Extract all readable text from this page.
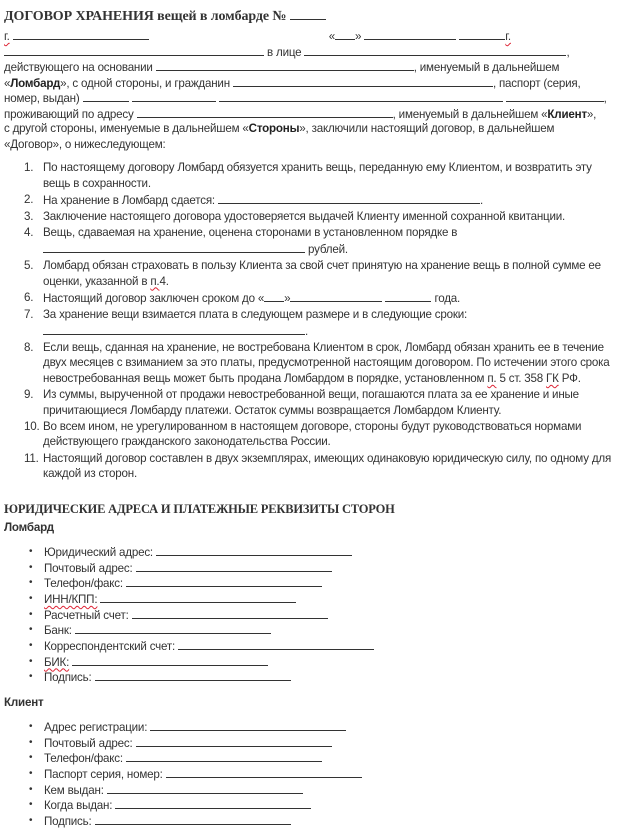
ДОГОВОР ХРАНЕНИЯ вещей в ломбарде №
г.	« »	г.
в лице	,
действующего на основании	, именуемый в дальнейшем
«Ломбард», с одной стороны, и гражданин	, паспорт (серия,
номер, выдан)	,
проживающий по адресу	, именуемый в дальнейшем «Клиент»,
с другой стороны, именуемые в дальнейшем «Стороны», заключили настоящий договор, в дальнейшем
«Договор», о нижеследующем:
1. По настоящему договору Ломбард обязуется хранить вещь, переданную ему Клиентом, и возвратить эту вещь в сохранности.
2. На хранение в Ломбард сдается:	.
3. Заключение настоящего договора удостоверяется выдачей Клиенту именной сохранной квитанции.
4. Вещь, сдаваемая на хранение, оценена сторонами в установленном порядке в
рублей.
5. Ломбард обязан страховать в пользу Клиента за свой счет принятую на хранение вещь в полной сумме ее оценки, указанной в п.4.
6. Настоящий договор заключен сроком до « »	года.
7. За хранение вещи взимается плата в следующем размере и в следующие сроки:
.
8. Если вещь, сданная на хранение, не востребована Клиентом в срок, Ломбард обязан хранить ее в течение двух месяцев с взиманием за это платы, предусмотренной настоящим договором. По истечении этого срока невостребованная вещь может быть продана Ломбардом в порядке, установленном п. 5 ст. 358 ГК РФ.
9. Из суммы, вырученной от продажи невостребованной вещи, погашаются плата за ее хранение и иные причитающиеся Ломбарду платежи. Остаток суммы возвращается Ломбардом Клиенту.
10. Во всем ином, не урегулированном в настоящем договоре, стороны будут руководствоваться нормами действующего гражданского законодательства России.
11. Настоящий договор составлен в двух экземплярах, имеющих одинаковую юридическую силу, по одному для каждой из сторон.
ЮРИДИЧЕСКИЕ АДРЕСА И ПЛАТЕЖНЫЕ РЕКВИЗИТЫ СТОРОН
Ломбард
• Юридический адрес:
• Почтовый адрес:
• Телефон/факс:
• ИНН/КПП:
• Расчетный счет:
• Банк:
• Корреспондентский счет:
• БИК:
• Подпись:
Клиент
• Адрес регистрации:
• Почтовый адрес:
• Телефон/факс:
• Паспорт серия, номер:
• Кем выдан:
• Когда выдан:
• Подпись:
